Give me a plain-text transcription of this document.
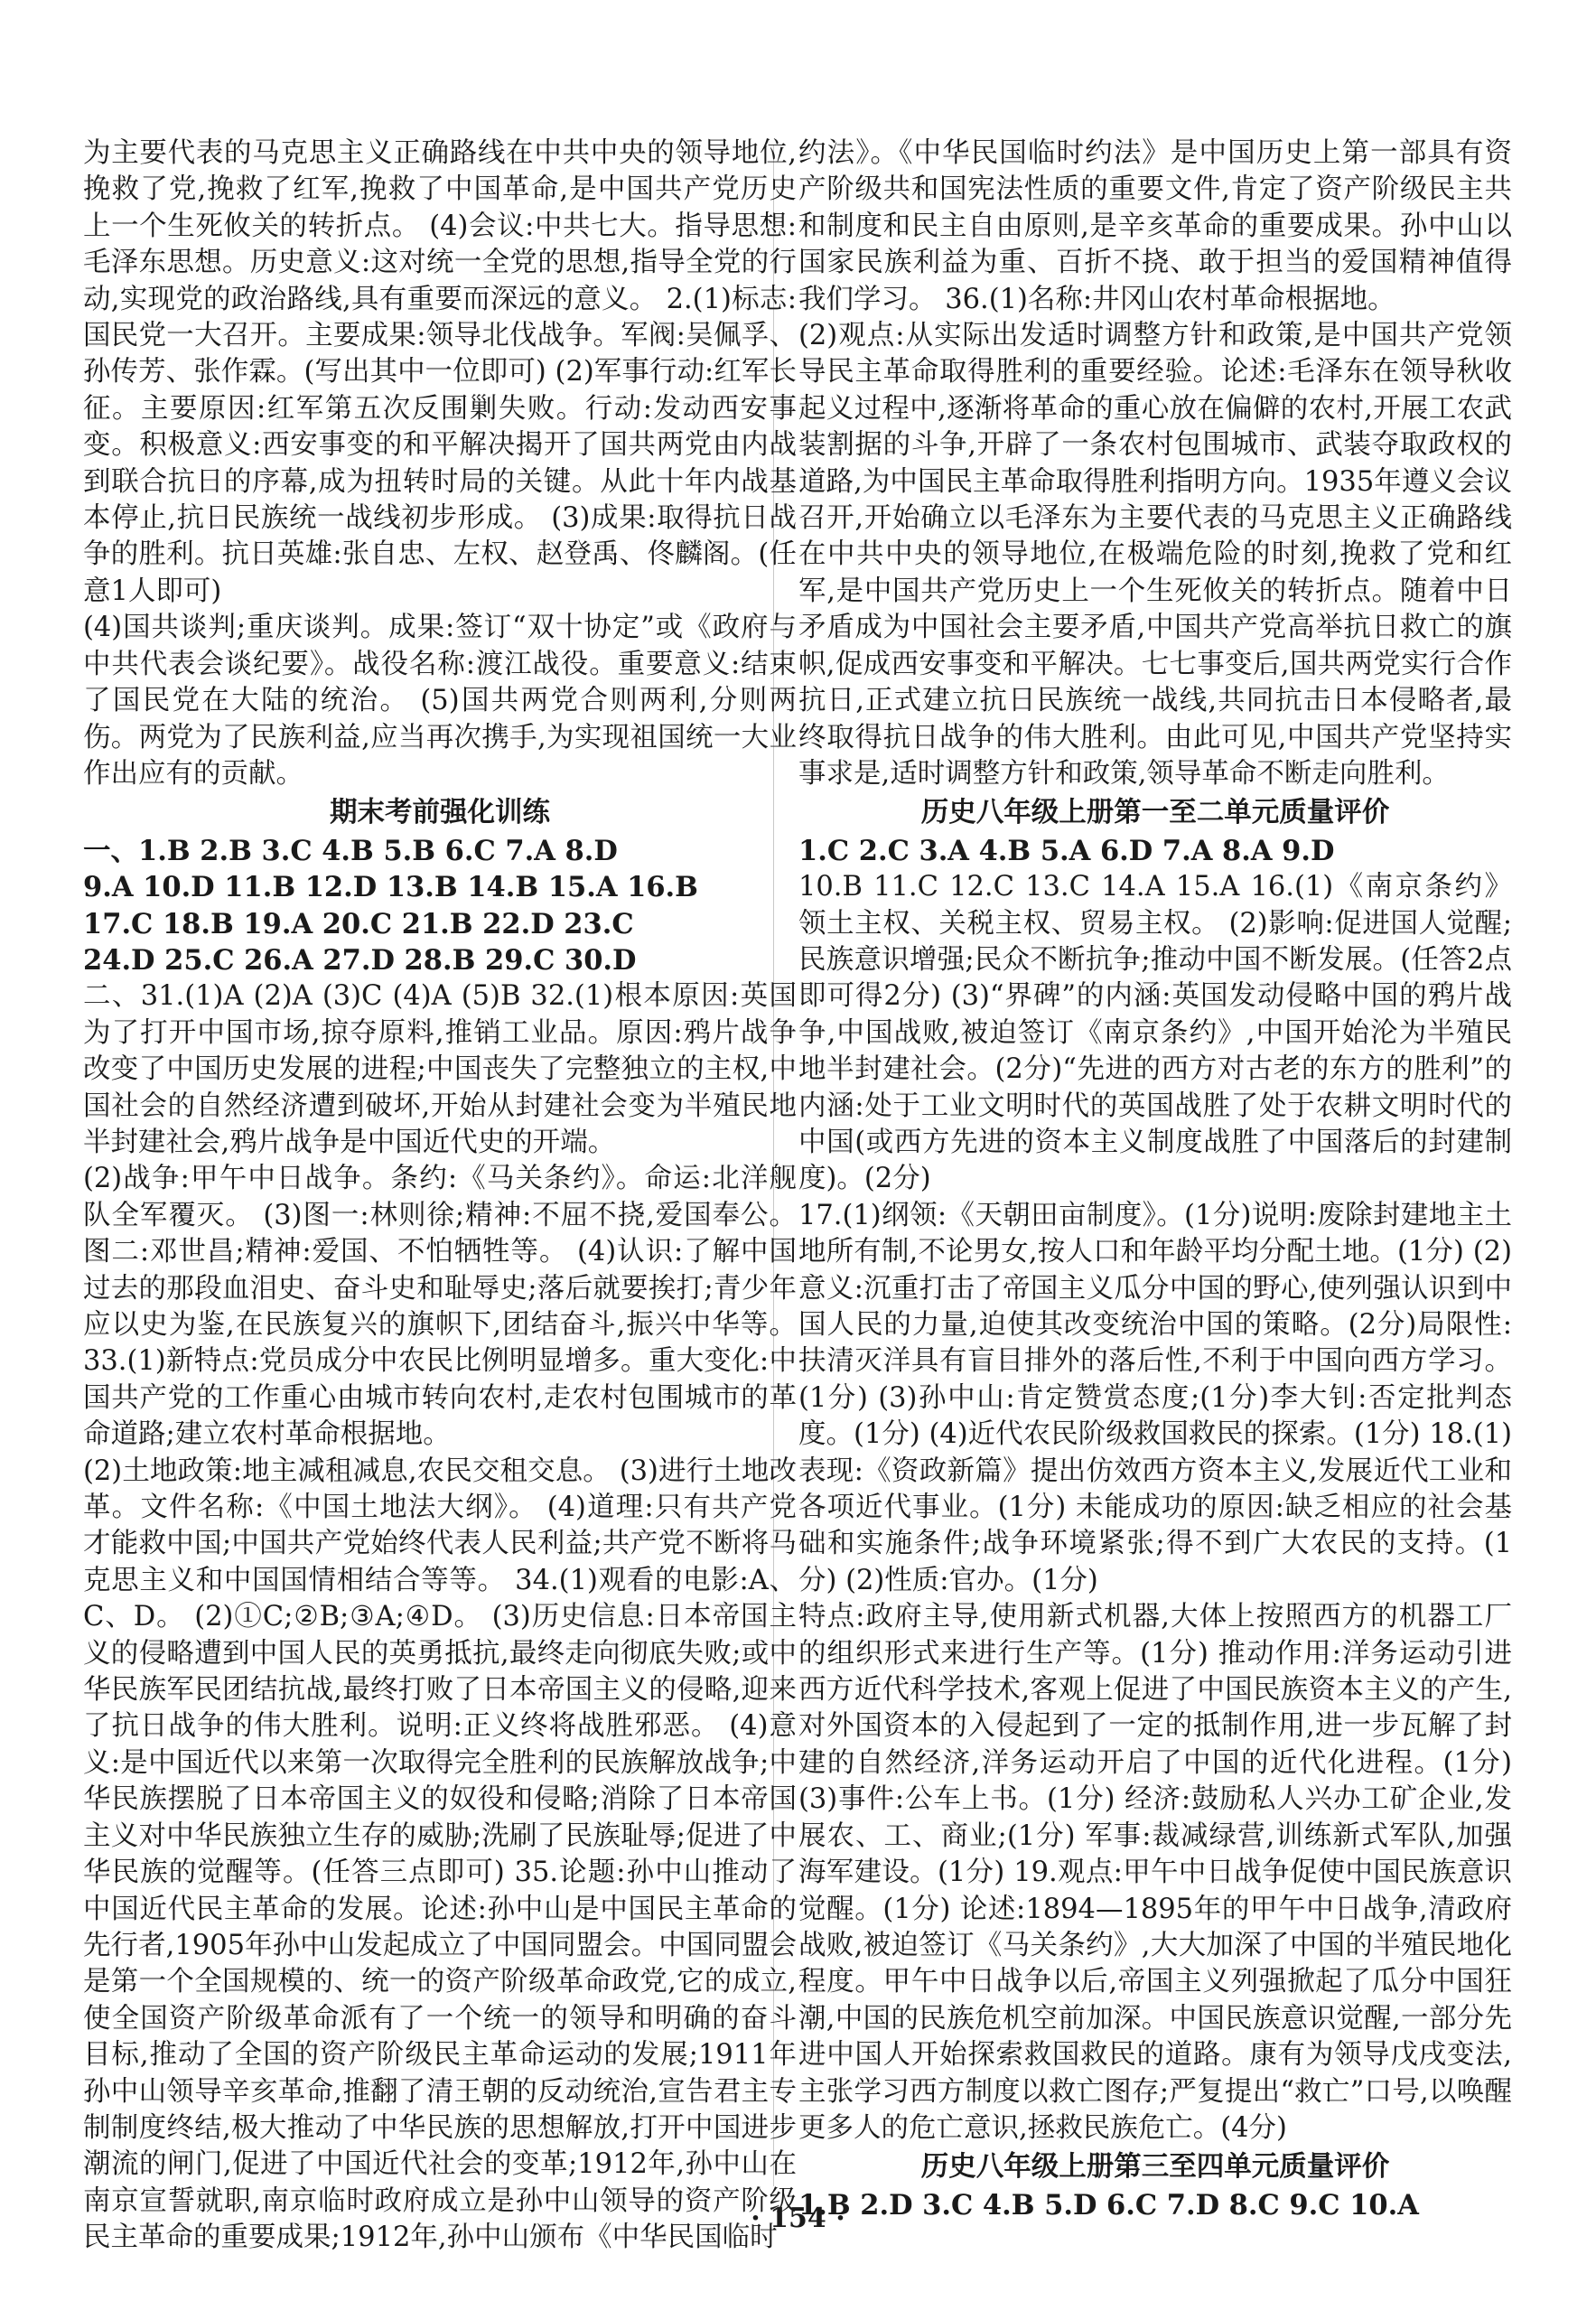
为主要代表的马克思主义正确路线在中共中央的领导地位,挽救了党,挽救了红军,挽救了中国革命,是中国共产党历史上一个生死攸关的转折点。 (4)会议:中共七大。指导思想:毛泽东思想。历史意义:这对统一全党的思想,指导全党的行动,实现党的政治路线,具有重要而深远的意义。 2.(1)标志:国民党一大召开。主要成果:领导北伐战争。军阀:吴佩孚、孙传芳、张作霖。(写出其中一位即可) (2)军事行动:红军长征。主要原因:红军第五次反围剿失败。行动:发动西安事变。积极意义:西安事变的和平解决揭开了国共两党由内战到联合抗日的序幕,成为扭转时局的关键。从此十年内战基本停止,抗日民族统一战线初步形成。 (3)成果:取得抗日战争的胜利。抗日英雄:张自忠、左权、赵登禹、佟麟阁。(任意1人即可)

(4)国共谈判;重庆谈判。成果:签订“双十协定”或《政府与中共代表会谈纪要》。战役名称:渡江战役。重要意义:结束了国民党在大陆的统治。 (5)国共两党合则两利,分则两伤。两党为了民族利益,应当再次携手,为实现祖国统一大业作出应有的贡献。

期末考前强化训练

一、1.B 2.B 3.C 4.B 5.B 6.C 7.A 8.D

9.A 10.D 11.B 12.D 13.B 14.B 15.A 16.B

17.C 18.B 19.A 20.C 21.B 22.D 23.C

24.D 25.C 26.A 27.D 28.B 29.C 30.D

二、31.(1)A (2)A (3)C (4)A (5)B 32.(1)根本原因:英国为了打开中国市场,掠夺原料,推销工业品。原因:鸦片战争改变了中国历史发展的进程;中国丧失了完整独立的主权,中国社会的自然经济遭到破坏,开始从封建社会变为半殖民地半封建社会,鸦片战争是中国近代史的开端。

(2)战争:甲午中日战争。条约:《马关条约》。命运:北洋舰队全军覆灭。 (3)图一:林则徐;精神:不屈不挠,爱国奉公。图二:邓世昌;精神:爱国、不怕牺牲等。 (4)认识:了解中国过去的那段血泪史、奋斗史和耻辱史;落后就要挨打;青少年应以史为鉴,在民族复兴的旗帜下,团结奋斗,振兴中华等。 33.(1)新特点:党员成分中农民比例明显增多。重大变化:中国共产党的工作重心由城市转向农村,走农村包围城市的革命道路;建立农村革命根据地。

(2)土地政策:地主减租减息,农民交租交息。 (3)进行土地改革。文件名称:《中国土地法大纲》。 (4)道理:只有共产党才能救中国;中国共产党始终代表人民利益;共产党不断将马克思主义和中国国情相结合等等。 34.(1)观看的电影:A、C、D。 (2)①C;②B;③A;④D。 (3)历史信息:日本帝国主义的侵略遭到中国人民的英勇抵抗,最终走向彻底失败;或中华民族军民团结抗战,最终打败了日本帝国主义的侵略,迎来了抗日战争的伟大胜利。说明:正义终将战胜邪恶。 (4)意义:是中国近代以来第一次取得完全胜利的民族解放战争;中华民族摆脱了日本帝国主义的奴役和侵略;消除了日本帝国主义对中华民族独立生存的威胁;洗刷了民族耻辱;促进了中华民族的觉醒等。(任答三点即可) 35.论题:孙中山推动了中国近代民主革命的发展。论述:孙中山是中国民主革命的先行者,1905年孙中山发起成立了中国同盟会。中国同盟会是第一个全国规模的、统一的资产阶级革命政党,它的成立,使全国资产阶级革命派有了一个统一的领导和明确的奋斗目标,推动了全国的资产阶级民主革命运动的发展;1911年孙中山领导辛亥革命,推翻了清王朝的反动统治,宣告君主专制制度终结,极大推动了中华民族的思想解放,打开中国进步潮流的闸门,促进了中国近代社会的变革;1912年,孙中山在南京宣誓就职,南京临时政府成立是孙中山领导的资产阶级民主革命的重要成果;1912年,孙中山颁布《中华民国临时

约法》。《中华民国临时约法》是中国历史上第一部具有资产阶级共和国宪法性质的重要文件,肯定了资产阶级民主共和制度和民主自由原则,是辛亥革命的重要成果。孙中山以国家民族利益为重、百折不挠、敢于担当的爱国精神值得我们学习。 36.(1)名称:井冈山农村革命根据地。

(2)观点:从实际出发适时调整方针和政策,是中国共产党领导民主革命取得胜利的重要经验。论述:毛泽东在领导秋收起义过程中,逐渐将革命的重心放在偏僻的农村,开展工农武装割据的斗争,开辟了一条农村包围城市、武装夺取政权的道路,为中国民主革命取得胜利指明方向。1935年遵义会议召开,开始确立以毛泽东为主要代表的马克思主义正确路线在中共中央的领导地位,在极端危险的时刻,挽救了党和红军,是中国共产党历史上一个生死攸关的转折点。随着中日矛盾成为中国社会主要矛盾,中国共产党高举抗日救亡的旗帜,促成西安事变和平解决。七七事变后,国共两党实行合作抗日,正式建立抗日民族统一战线,共同抗击日本侵略者,最终取得抗日战争的伟大胜利。由此可见,中国共产党坚持实事求是,适时调整方针和政策,领导革命不断走向胜利。

历史八年级上册第一至二单元质量评价

1.C 2.C 3.A 4.B 5.A 6.D 7.A 8.A 9.D

10.B 11.C 12.C 13.C 14.A 15.A 16.(1)《南京条约》 领土主权、关税主权、贸易主权。 (2)影响:促进国人觉醒;民族意识增强;民众不断抗争;推动中国不断发展。(任答2点即可得2分) (3)“界碑”的内涵:英国发动侵略中国的鸦片战争,中国战败,被迫签订《南京条约》,中国开始沦为半殖民地半封建社会。(2分)“先进的西方对古老的东方的胜利”的内涵:处于工业文明时代的英国战胜了处于农耕文明时代的中国(或西方先进的资本主义制度战胜了中国落后的封建制度)。(2分)

17.(1)纲领:《天朝田亩制度》。(1分)说明:废除封建地主土地所有制,不论男女,按人口和年龄平均分配土地。(1分) (2)意义:沉重打击了帝国主义瓜分中国的野心,使列强认识到中国人民的力量,迫使其改变统治中国的策略。(2分)局限性:扶清灭洋具有盲目排外的落后性,不利于中国向西方学习。(1分) (3)孙中山:肯定赞赏态度;(1分)李大钊:否定批判态度。(1分) (4)近代农民阶级救国救民的探索。(1分) 18.(1)表现:《资政新篇》提出仿效西方资本主义,发展近代工业和各项近代事业。(1分) 未能成功的原因:缺乏相应的社会基础和实施条件;战争环境紧张;得不到广大农民的支持。(1分) (2)性质:官办。(1分)

特点:政府主导,使用新式机器,大体上按照西方的机器工厂的组织形式来进行生产等。(1分) 推动作用:洋务运动引进西方近代科学技术,客观上促进了中国民族资本主义的产生,对外国资本的入侵起到了一定的抵制作用,进一步瓦解了封建的自然经济,洋务运动开启了中国的近代化进程。(1分) (3)事件:公车上书。(1分) 经济:鼓励私人兴办工矿企业,发展农、工、商业;(1分) 军事:裁减绿营,训练新式军队,加强海军建设。(1分) 19.观点:甲午中日战争促使中国民族意识觉醒。(1分) 论述:1894—1895年的甲午中日战争,清政府战败,被迫签订《马关条约》,大大加深了中国的半殖民地化程度。甲午中日战争以后,帝国主义列强掀起了瓜分中国狂潮,中国的民族危机空前加深。中国民族意识觉醒,一部分先进中国人开始探索救国救民的道路。康有为领导戊戌变法,主张学习西方制度以救亡图存;严复提出“救亡”口号,以唤醒更多人的危亡意识,拯救民族危亡。(4分)

历史八年级上册第三至四单元质量评价

1.B 2.D 3.C 4.B 5.D 6.C 7.D 8.C 9.C 10.A

· 154 ·
